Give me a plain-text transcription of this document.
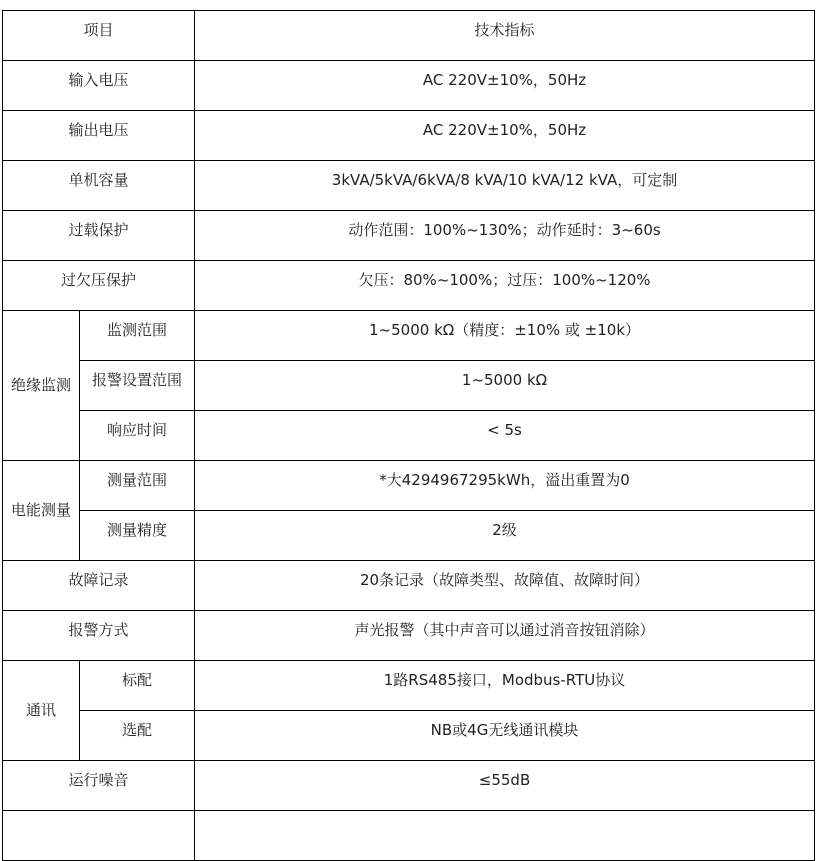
项目		技术指标
输入电压		AC 220V±10%，50Hz
输出电压		AC 220V±10%，50Hz
单机容量		3kVA/5kVA/6kVA/8 kVA/10 kVA/12 kVA，可定制
过载保护		动作范围：100%~130%；动作延时：3~60s
过欠压保护		欠压：80%~100%；过压：100%~120%
绝缘监测	监测范围	1~5000 kΩ（精度：±10% 或 ±10k）
	报警设置范围	1~5000 kΩ
	响应时间	< 5s
电能测量	测量范围	*大4294967295kWh，溢出重置为0
	测量精度	2级
故障记录		20条记录（故障类型、故障值、故障时间）
报警方式		声光报警（其中声音可以通过消音按钮消除）
通讯	标配	1路RS485接口，Modbus-RTU协议
	选配	NB或4G无线通讯模块
运行噪音		≤55dB
